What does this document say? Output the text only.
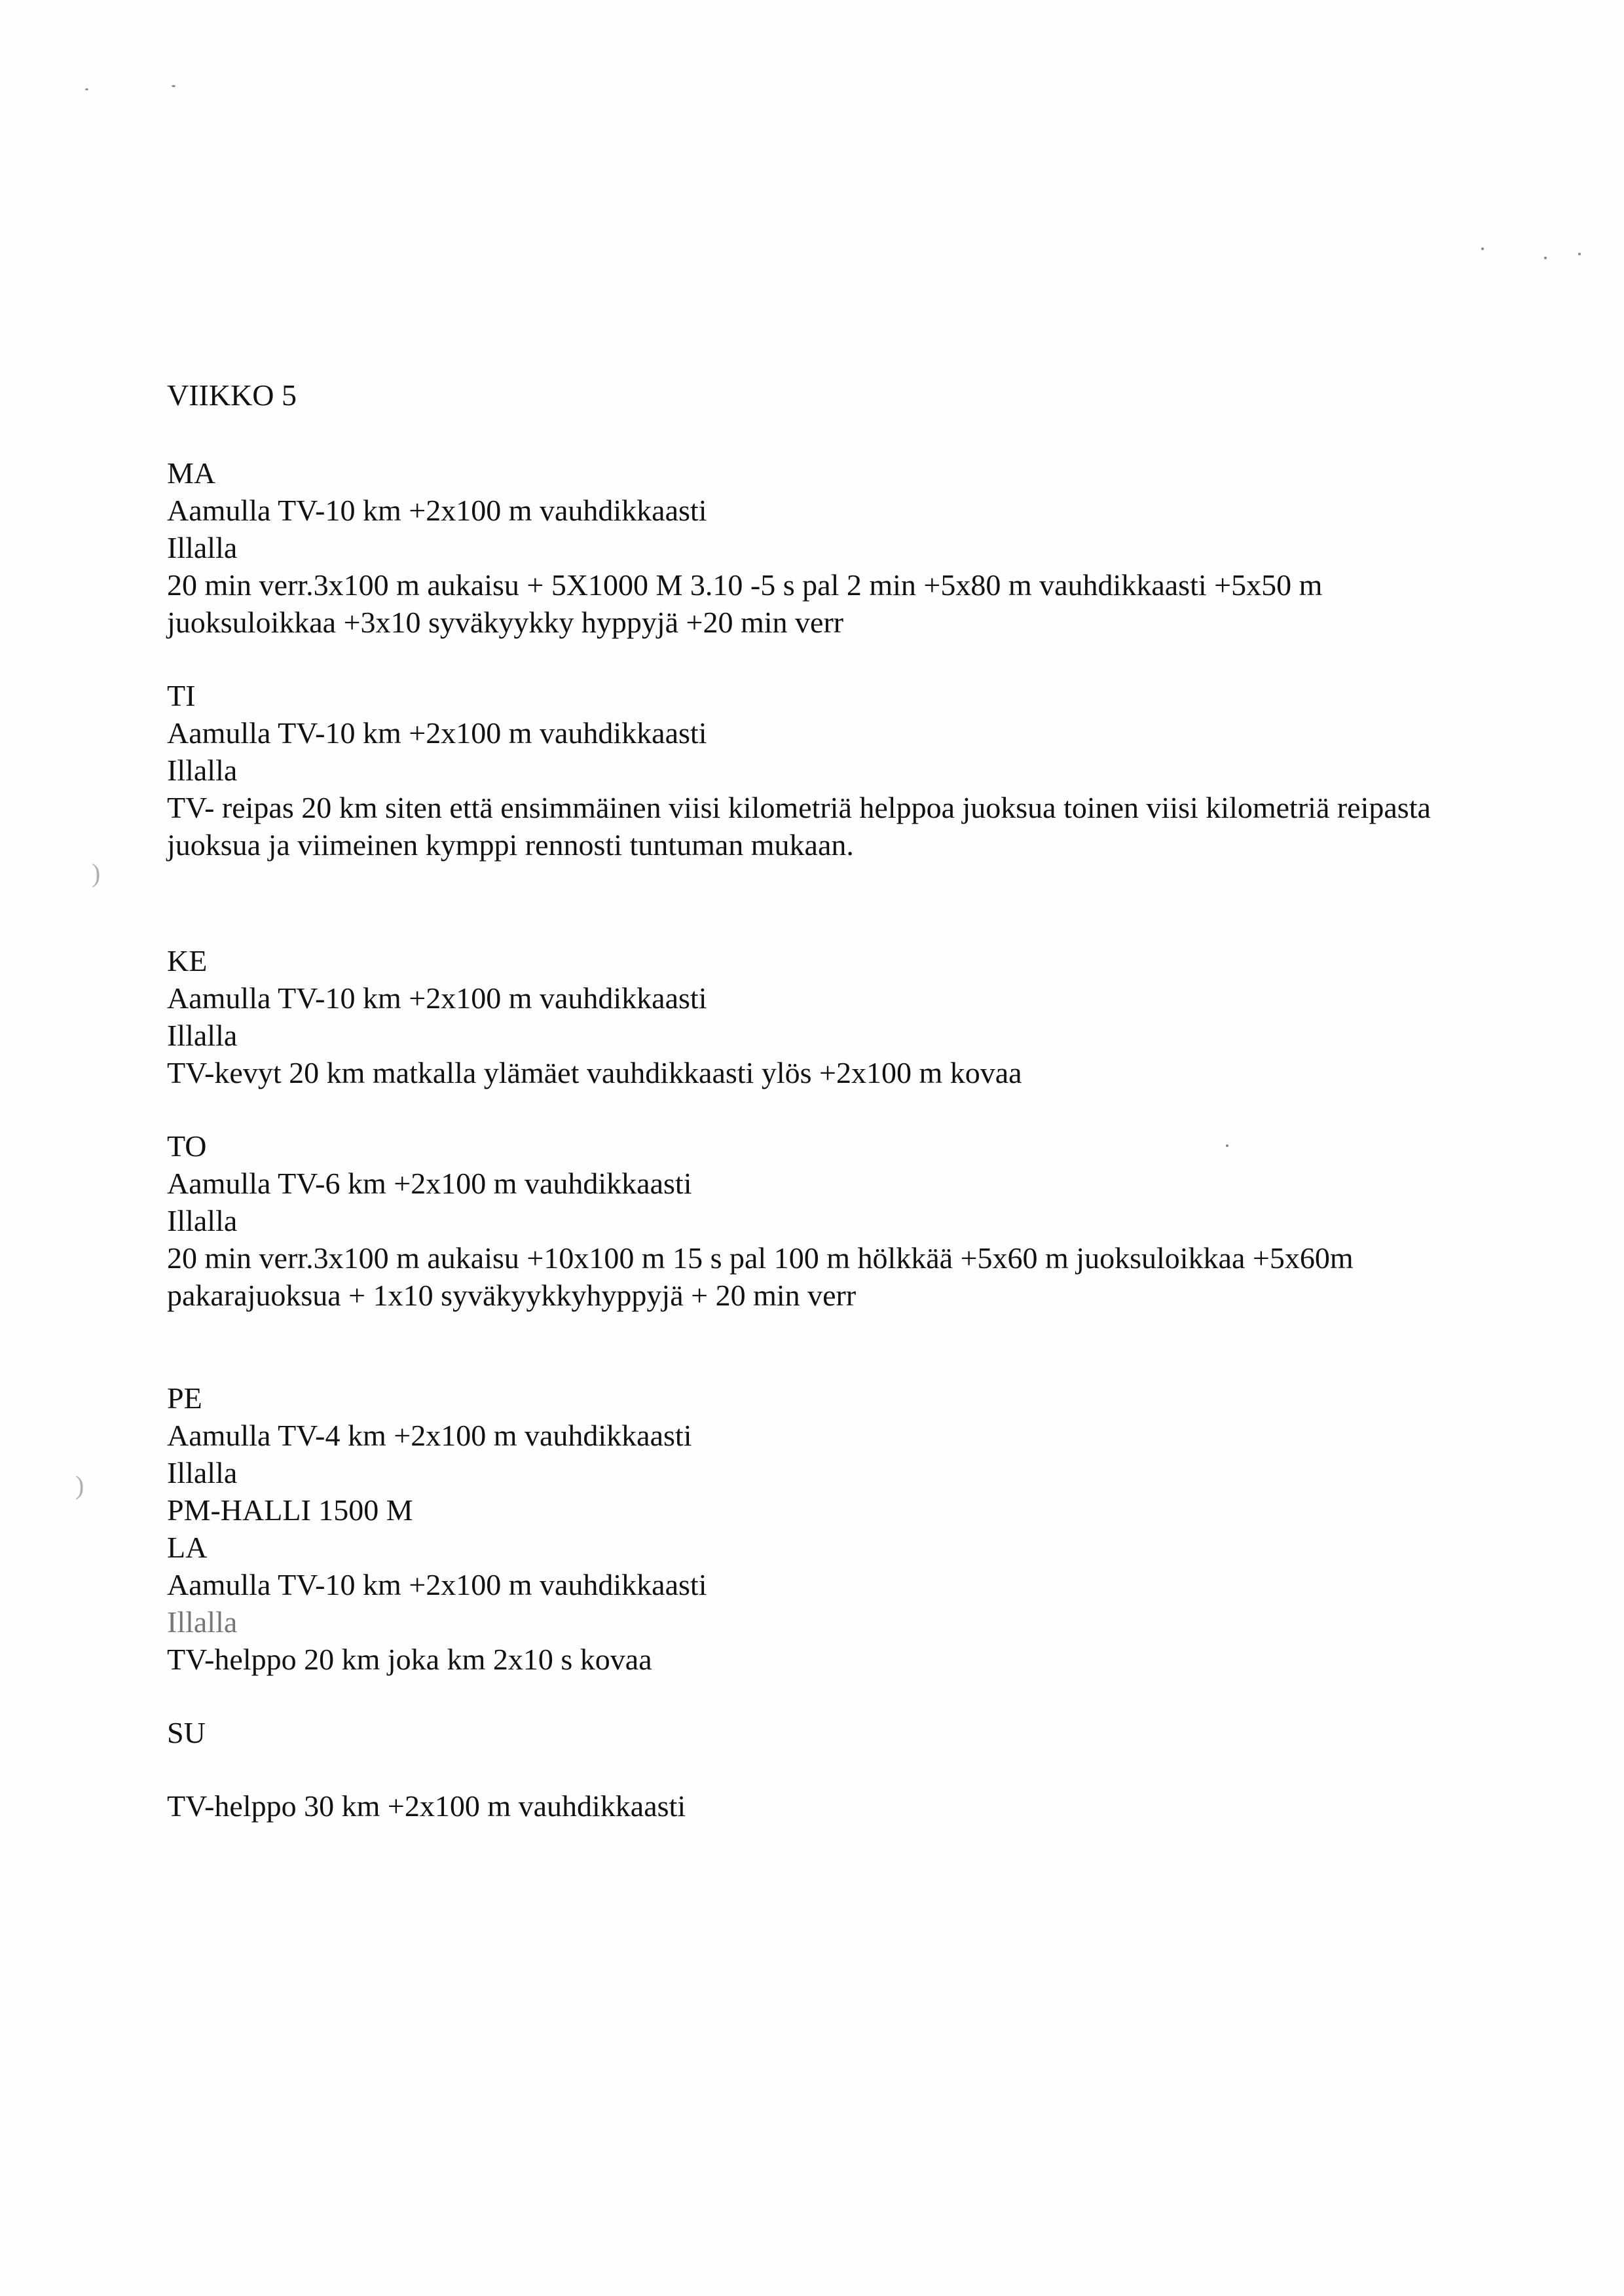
)
)

VIIKKO 5

MA

Aamulla TV-10 km +2x100 m vauhdikkaasti

Illalla

20 min verr.3x100 m aukaisu + 5X1000 M 3.10 -5 s pal 2 min +5x80 m vauhdikkaasti +5x50 m juoksuloikkaa +3x10 syväkyykky hyppyjä +20 min verr

TI

Aamulla TV-10 km +2x100 m vauhdikkaasti

Illalla

TV- reipas 20 km siten että ensimmäinen viisi kilometriä helppoa juoksua toinen viisi kilometriä reipasta juoksua ja viimeinen kymppi rennosti tuntuman mukaan.

KE

Aamulla TV-10 km +2x100 m vauhdikkaasti

Illalla

TV-kevyt 20 km matkalla ylämäet vauhdikkaasti ylös +2x100 m kovaa

TO

Aamulla TV-6 km +2x100 m vauhdikkaasti

Illalla

20 min verr.3x100 m aukaisu +10x100 m 15 s pal 100 m hölkkää +5x60 m juoksuloikkaa +5x60m pakarajuoksua + 1x10 syväkyykkyhyppyjä + 20 min verr

PE

Aamulla TV-4 km +2x100 m vauhdikkaasti

Illalla

PM-HALLI 1500 M

LA

Aamulla TV-10 km +2x100 m vauhdikkaasti

Illalla

TV-helppo 20 km joka km 2x10 s kovaa

SU

TV-helppo 30 km +2x100 m vauhdikkaasti
